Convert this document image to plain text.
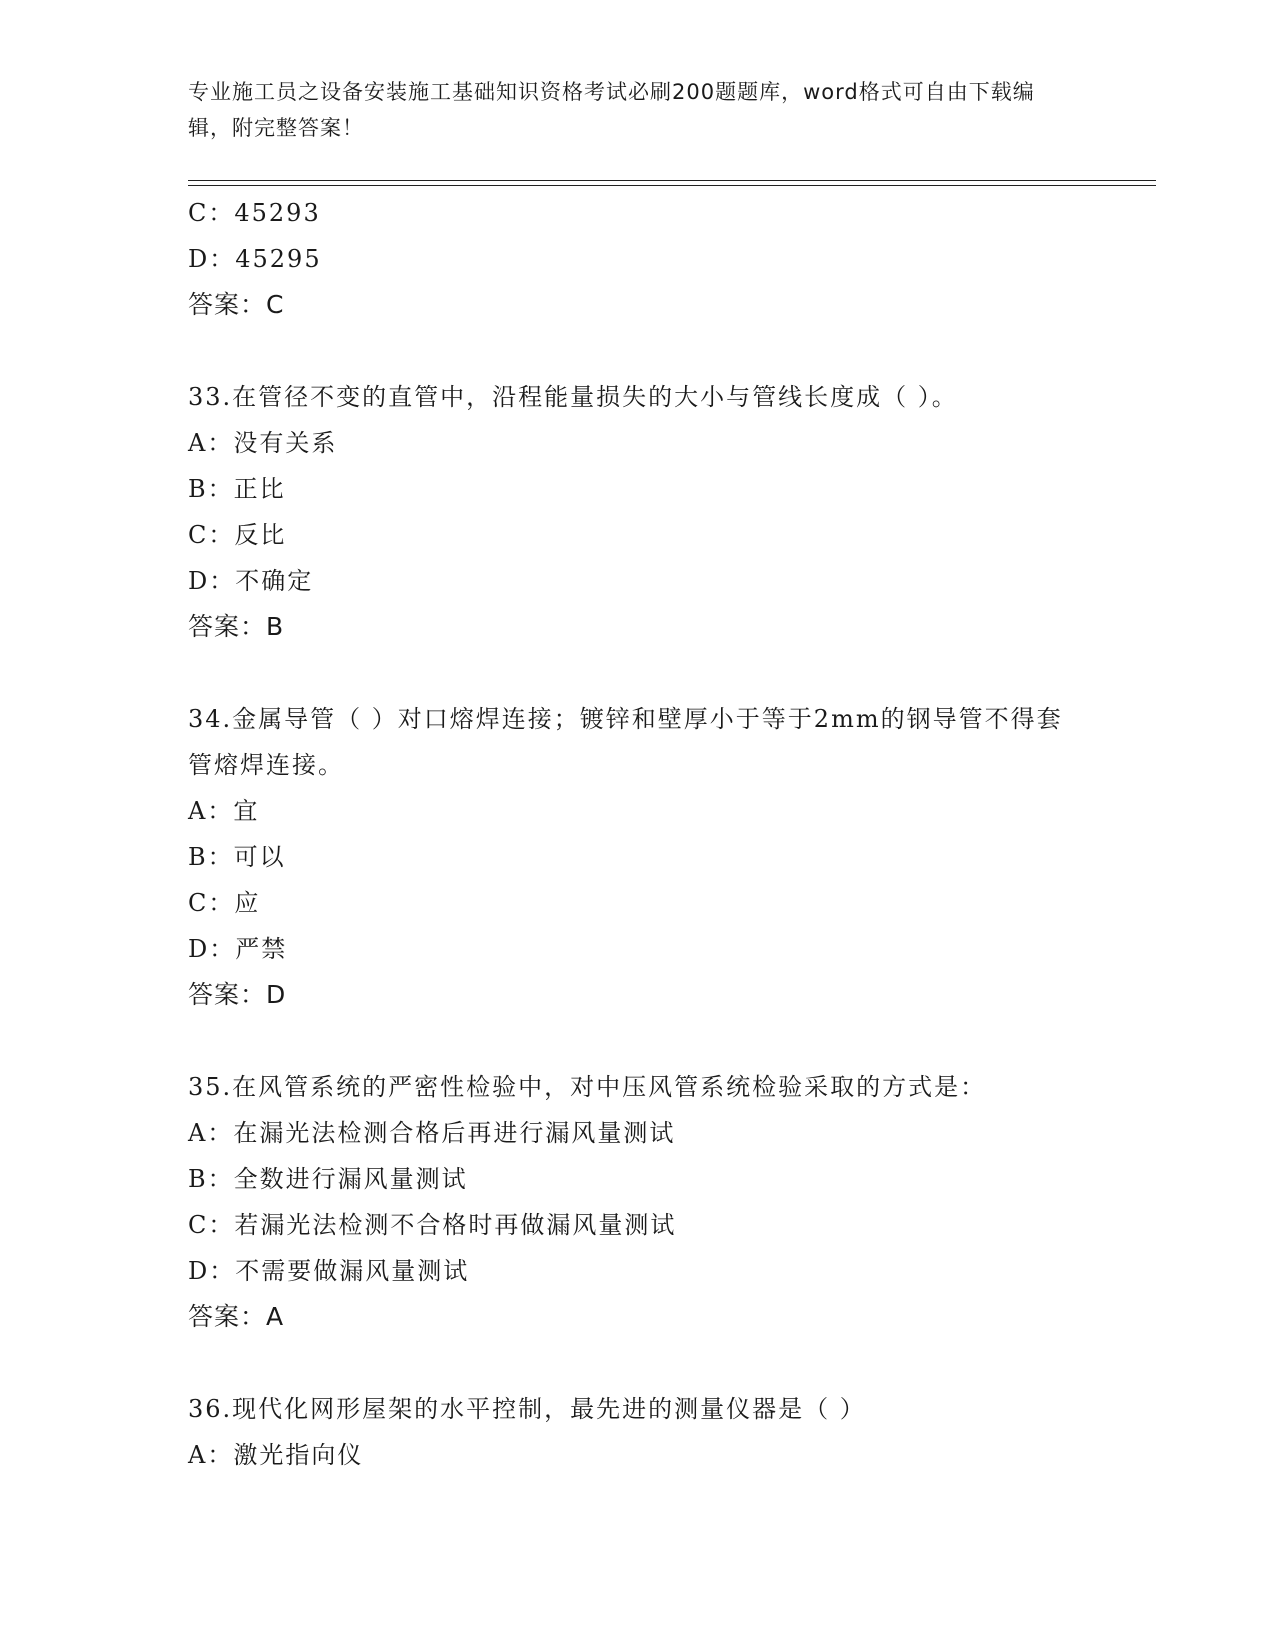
专业施工员之设备安装施工基础知识资格考试必刷200题题库，word格式可自由下载编辑，附完整答案！
C：45293
D：45295
答案：C
33.在管径不变的直管中，沿程能量损失的大小与管线长度成（ ）。
A：没有关系
B：正比
C：反比
D：不确定
答案：B
34.金属导管（ ）对口熔焊连接；镀锌和壁厚小于等于2mm的钢导管不得套管熔焊连接。
A：宜
B：可以
C：应
D：严禁
答案：D
35.在风管系统的严密性检验中，对中压风管系统检验采取的方式是：
A：在漏光法检测合格后再进行漏风量测试
B：全数进行漏风量测试
C：若漏光法检测不合格时再做漏风量测试
D：不需要做漏风量测试
答案：A
36.现代化网形屋架的水平控制，最先进的测量仪器是（ ）
A：激光指向仪
